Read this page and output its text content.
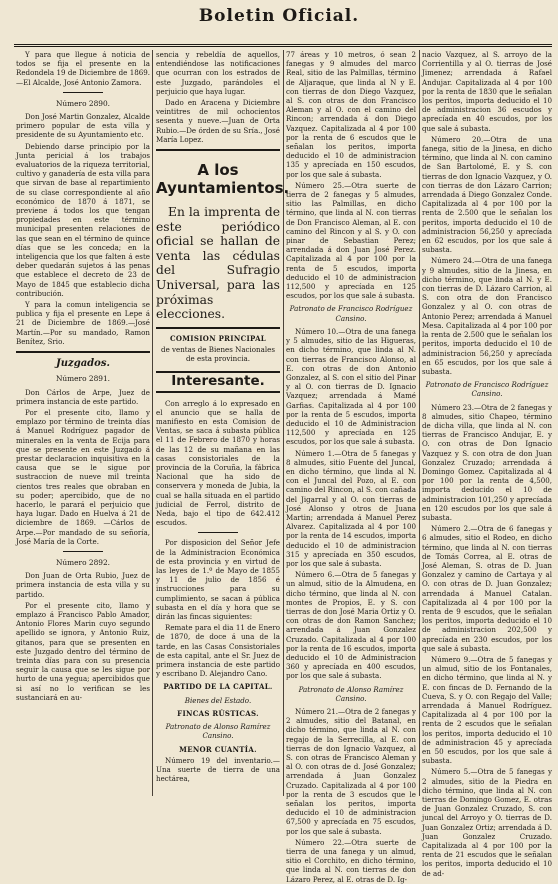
Boletin Oficial.

Y para que llegue á noticia de todos se fija el presente en la Redondela 19 de Diciembre de 1869. —El Alcalde, José Antonio Zamora.

Número 2890.

Don José Martin Gonzalez, Alcalde primero popular de esta villa y presidente de su Ayuntamiento etc.

Debiendo darse principio por la Junta pericial á los trabajos evaluatorios de la riqueza territorial, cultivo y ganadería de esta villa para que sirvan de base al repartimiento de su clase correspondiente al año económico de 1870 á 1871, se previene á todos los que tengan propiedades en este término municipal presenten relaciones de las que sean en el término de quince días que se les conceda; en la inteligencia que los que falten á este deber quedarán sujetos á las penas que establece el decreto de 23 de Mayo de 1845 que establecio dicha contribución.

Y para la comun inteligencia se publica y fija el presente en Lepe á 21 de Diciembre de 1869.—José Martín.—Por su mandado, Ramon Benítez, Srio.

Juzgados.

Número 2891.

Don Cárlos de Arpe, Juez de primera instancia de este partido.

Por el presente cito, llamo y emplazo por término de treinta días á Manuel Rodríguez pagador de minerales en la venta de Ecija para que se presente en este Juzgado á prestar declaracion inquisitiva en la causa que se le sigue por sustraccion de nueve mil treinta cientos tres reales que obraban en su poder; apercibido, que de no hacerlo, le parará el perjuicio que haya lugar. Dado en Huelva á 21 de diciembre de 1869. —Cárlos de Arpe.—Por mandado de su señoría, José María de la Corte.

Número 2892.

Don Juan de Orta Rubio, Juez de primera instancia de esta villa y su partido.

Por el presente cito, llamo y emplazo á Francisco Pablo Amador, Antonio Flores Marin cuyo segundo apellido se ignora, y Antonio Ruiz, gitanos, para que se presenten en este Juzgado dentro del término de treinta días para con su presencia seguir la causa que se les sigue por hurto de una yegua; apercibidos que si así no lo verifican se les sustanciará en au-

sencia y rebeldía de aquellos, entendiéndose las notificaciones que ocurran con los estrados de este Juzgado, parándoles el perjuicio que haya lugar.

Dado en Aracena y Diciembre veintitres de mil ochocientos sesenta y nueve.—Juan de Orta Rubio.—De órden de su Sría., José María Lopez.

A los Ayuntamientos.

En la imprenta de este periódico oficial se hallan de venta las cédulas del Sufragio Universal, para las próximas elecciones.

COMISION PRINCIPAL

de ventas de Bienes Nacionales de esta provincia.

Interesante.

Con arreglo á lo expresado en el anuncio que se halla de manifiesto en esta Comision de Ventas, se saca á subasta pública el 11 de Febrero de 1870 y horas de las 12 de su mañana en las casas consistoriales de la provincia de la Coruña, la fábrica Nacional que ha sido de conservera y moneda de Jubia, la cual se halla situada en el partido judicial de Ferrol, distrito de Neda, bajo el tipo de 642.412 escudos.

Por disposicion del Señor Jefe de la Administracion Económica de esta provincia y en virtud de las leyes de 1.º de Mayo de 1855 y 11 de julio de 1856 é instrucciones para su cumplimiento, se sacan á pública subasta en el día y hora que se dirán las fincas siguientes:

Remate para el dia 11 de Enero de 1870, de doce á una de la tarde, en las Casas Consistoriales de esta capital, ante el Sr. Juez de primera instancia de este partido y escribano D. Alejandro Cano.

PARTIDO DE LA CAPITAL.

Bienes del Estado.

FINCAS RÚSTICAS.

Patronato de Alonso Ramírez Cansino.

MENOR CUANTÍA.

Número 19 del inventario.—Una suerte de tierra de una hectárea,

77 áreas y 10 metros, ó sean 2 fanegas y 9 almudes del marco Real, sitio de las Palmillas, término de Aljaraque, que linda al N y E. con tierras de don Diego Vazquez, al S. con otras de don Francisco Aleman y al O. con el camino del Rincon; arrendada á don Diego Vazquez. Capitalizada al 4 por 100 por la renta de 6 escudos que le señalan los peritos, importa deducido el 10 de administracion 135 y aprecíada en 150 escudos, por los que sale á subasta.

Número 25.—Otra suerte de tierra de 2 fanegas y 5 almudes, sitio las Palmillas, en dicho término, que linda al N. con tierras de Don Francisco Aleman, al E. con camino del Rincon y al S. y O. con pinar de Sebastian Perez; arrendada á don Juan José Perez. Capitalizada al 4 por 100 por la renta de 5 escudos, importa deducido el 10 de administracion 112,500 y aprecíada en 125 escudos, por los que sale á subasta.

Patronato de Francisco Rodríguez Cansino.

Número 10.—Otra de una fanega y 5 almudes, sitio de las Higueras, en dicho término, que linda al N. con tierras de Francisco Alonso, al E. con otras de don Antonio Gonzalez, al S. con el sitio del Pinar y al O. con tierras de D. Ignacio Vazquez; arrendada á Mamé Garfias. Capitalizada al 4 por 100 por la renta de 5 escudos, importa deducido el 10 de Administracion 112,500 y aprecíada en 125 escudos, por los que sale á subasta.

Número 1.—Otra de 5 fanegas y 8 almudes, sitio Fuente del Juncal, en dicho término, que linda al N. con el Juncal del Pozo, al E. con camino del Rincon, al S. con cañada del Jigarral y al O. con tierras de José Alonso y otros de Juana Martin; arrendada á Manuel Perez Alvarez. Capitalizada al 4 por 100 por la renta de 14 escudos, importa deducido el 10 de administracion 315 y aprecíada en 350 escudos, por los que sale á subasta.

Número 6.—Otra de 5 fanegas y un almud, sitio de la Almudena, en dicho término, que linda al N. con montes de Propios, E. y S. con tierras de don José Maria Ortiz y O. con otras de don Ramon Sanchez; arrendada á Juan Gonzalez Cruzado. Capitalizada al 4 por 100 por la renta de 16 escudos, importa deducido el 10 de Administracion 360 y aprecíada en 400 escudos, por los que sale á subasta.

Patronato de Alonso Ramírez Cansino.

Número 21.—Otra de 2 fanegas y 2 almudes, sitio del Batanal, en dicho término, que linda al N. con regajo de la Serrecilla, al E. con tierras de don Ignacio Vazquez, al S. con otras de Francisco Aleman y al O. con otras de d. José Gonzalez; arrendada á Juan Gonzalez Cruzado. Capitalizada al 4 por 100 por la renta de 3 escudos que le señalan los peritos, importa deducido el 10 de administracion 67,500 y aprecíada en 75 escudos, por los que sale á subasta.

Número 22.—Otra suerte de tierra de una fanega y un almud, sitio el Corchito, en dicho término, que linda al N. con tierras de don Lázaro Perez, al E. otras de D. Ig-

nacio Vazquez, al S. arroyo de la Corrientilla y al O. tierras de José Jimenez; arrendada á Rafael Andujar. Capitalizada al 4 por 100 por la renta de 1830 que le señalan los peritos, importa deducido el 10 de administracion 36 escudos y aprecíada en 40 escudos, por los que sale á subasta.

Número 20.—Otra de una fanega, sitio de la Jinesa, en dicho término, que linda al N. con camino de San Bartolomé, E. y S. con tierras de don Ignacio Vazquez, y O. con tierras de don Lázaro Carrion; arrendada á Diego Gonzalez Conde. Capitalizada al 4 por 100 por la renta de 2.500 que le señalan los peritos, importa deducido el 10 de administracion 56,250 y aprecíada en 62 escudos, por los que sale á subasta.

Número 24.—Otra de una fanega y 9 almudes, sitio de la Jinesa, en dicho término, que linda al N. y E. con tierras de D. Lázaro Carrion, al S. con otra de don Francisco Gonzalez y al O. con otras de Antonio Perez; arrendada á Manuel Mesa. Capitalizada al 4 por 100 por la renta de 2.500 que le señalan los peritos, importa deducido el 10 de administracion 56,250 y aprecíada en 65 escudos, por los que sale á subasta.

Patronato de Francisco Rodríguez Cansino.

Número 23.—Otra de 2 fanegas y 8 almudes, sitio Chapeo, término de dicha villa, que linda al N. con tierras de Francisco Andujar, E. y O. con otras de Don Ignacio Vazquez y S. con otra de don Juan Gonzalez Cruzado; arrendada á Domingo Gomez. Capitalizada al 4 por 100 por la renta de 4,500, importa deducido el 10 de administracion 101,250 y aprecíada en 120 escudos por los que sale á subasta.

Número 2.—Otra de 6 fanegas y 6 almudes, sitio el Rodeo, en dicho término, que linda al N. con tierras de Tomás Correa, al E. otras de José Aleman, S. otras de D. Juan Gonzalez y camino de Cartaya y al O. con otras de D. Juan Gonzalez; arrendada á Manuel Catalan. Capitalizada al 4 por 100 por la renta de 9 escudos, que le señalan los peritos, importa deducido el 10 de administracion 202,500 y aprecíada en 230 escudos, por los que sale á subasta.

Número 9.—Otra de 5 fanegas y un almud, sitio de los Fontanales, en dicho término, que linda al N. y E. con fincas de D. Fernando de la Cueva, S. y O. con Regajo del Valle; arrendada á Manuel Rodríguez. Capitalizada al 4 por 100 por la renta de 2 escudos que le señalan los peritos, importa deducido el 10 de administracion 45 y aprecíada en 50 escudos, por los que sale á subasta.

Número 5.—Otra de 5 fanegas y 2 almudes, sitio de la Piedra en dicho término, que linda al N. con tierras de Domingo Gomez, E. otras de Juan Gonzalez Cruzado, S. con juncal del Arroyo y O. tierras de D. Juan Gonzalez Ortiz; arrendada á D. Juan Gonzalez Cruzado. Capitalizada al 4 por 100 por la renta de 21 escudos que le señalan los peritos, importa deducido el 10 de ad-
